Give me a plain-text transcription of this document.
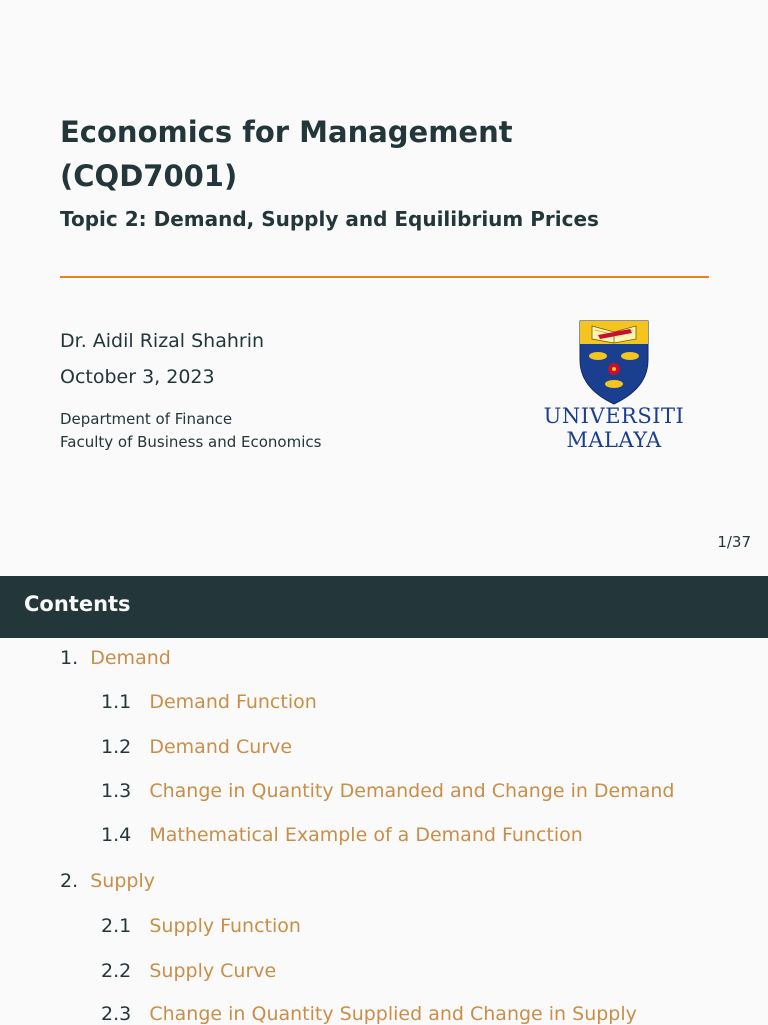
Economics for Management
(CQD7001)
Topic 2: Demand, Supply and Equilibrium Prices
Dr. Aidil Rizal Shahrin
October 3, 2023
Department of Finance
Faculty of Business and Economics
UNIVERSITI
MALAYA
1/37
Contents
1. Demand
1.1 Demand Function
1.2 Demand Curve
1.3 Change in Quantity Demanded and Change in Demand
1.4 Mathematical Example of a Demand Function
2. Supply
2.1 Supply Function
2.2 Supply Curve
2.3 Change in Quantity Supplied and Change in Supply
